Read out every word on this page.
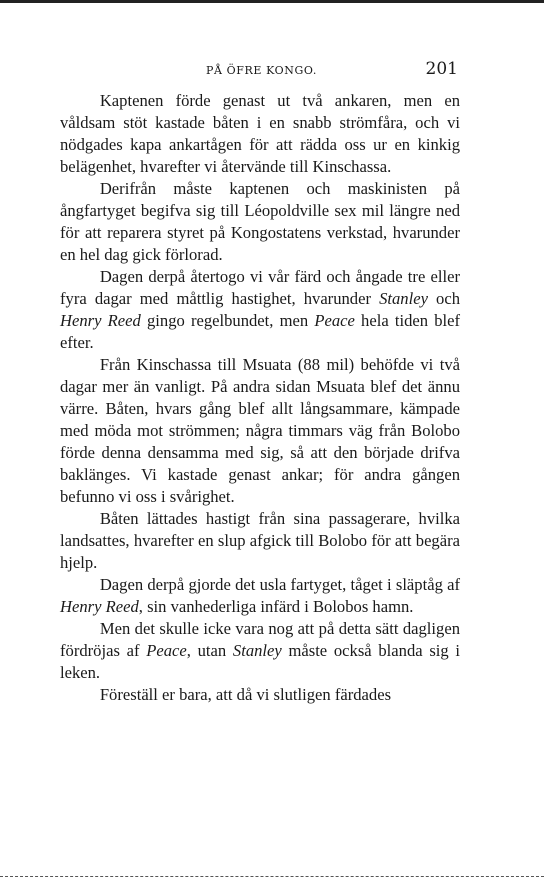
PÅ ÖFRE KONGO.	201

Kaptenen förde genast ut två ankaren, men en våldsam stöt kastade båten i en snabb strömfåra, och vi nödgades kapa ankartågen för att rädda oss ur en kinkig belägenhet, hvarefter vi återvände till Kinschassa.

Derifrån måste kaptenen och maskinisten på ångfartyget begifva sig till Léopoldville sex mil längre ned för att reparera styret på Kongostatens verkstad, hvarunder en hel dag gick förlorad.

Dagen derpå återtogo vi vår färd och ångade tre eller fyra dagar med måttlig hastighet, hvarunder Stanley och Henry Reed gingo regelbundet, men Peace hela tiden blef efter.

Från Kinschassa till Msuata (88 mil) behöfde vi två dagar mer än vanligt. På andra sidan Msuata blef det ännu värre. Båten, hvars gång blef allt långsammare, kämpade med möda mot strömmen; några timmars väg från Bolobo förde denna densamma med sig, så att den började drifva baklänges. Vi kastade genast ankar; för andra gången befunno vi oss i svårighet.

Båten lättades hastigt från sina passagerare, hvilka landsattes, hvarefter en slup afgick till Bolobo för att begära hjelp.

Dagen derpå gjorde det usla fartyget, tåget i släptåg af Henry Reed, sin vanhederliga infärd i Bolobos hamn.

Men det skulle icke vara nog att på detta sätt dagligen fördröjas af Peace, utan Stanley måste också blanda sig i leken.

Föreställ er bara, att då vi slutligen färdades
